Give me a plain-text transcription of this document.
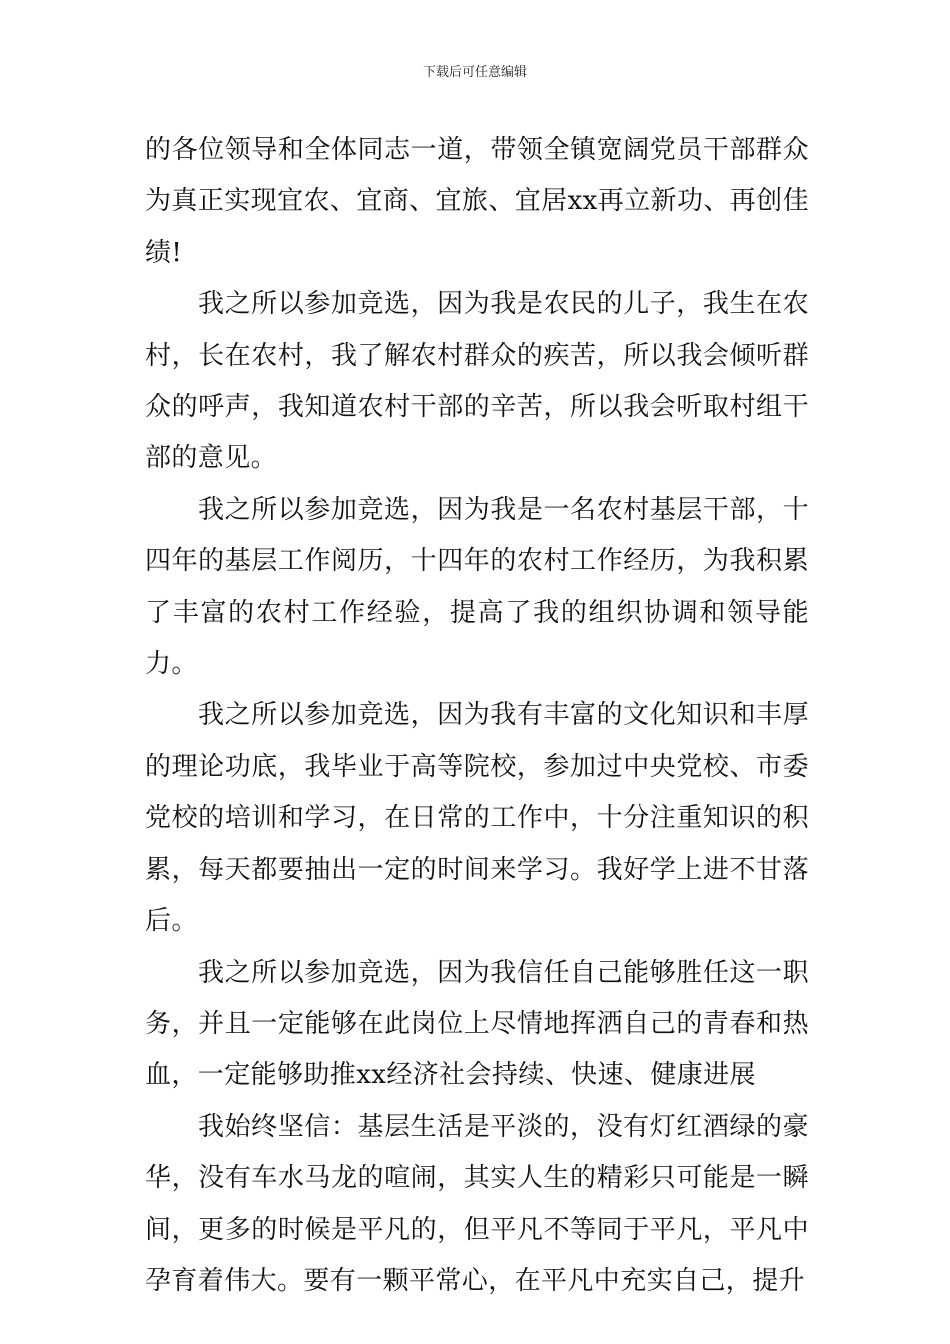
下载后可任意编辑

的各位领导和全体同志一道，带领全镇宽阔党员干部群众为真正实现宜农、宜商、宜旅、宜居xx再立新功、再创佳绩!

我之所以参加竞选，因为我是农民的儿子，我生在农村，长在农村，我了解农村群众的疾苦，所以我会倾听群众的呼声，我知道农村干部的辛苦，所以我会听取村组干部的意见。

我之所以参加竞选，因为我是一名农村基层干部，十四年的基层工作阅历，十四年的农村工作经历，为我积累了丰富的农村工作经验，提高了我的组织协调和领导能力。

我之所以参加竞选，因为我有丰富的文化知识和丰厚的理论功底，我毕业于高等院校，参加过中央党校、市委党校的培训和学习，在日常的工作中，十分注重知识的积累，每天都要抽出一定的时间来学习。我好学上进不甘落后。

我之所以参加竞选，因为我信任自己能够胜任这一职务，并且一定能够在此岗位上尽情地挥洒自己的青春和热血，一定能够助推xx经济社会持续、快速、健康进展

我始终坚信：基层生活是平淡的，没有灯红酒绿的豪华，没有车水马龙的喧闹，其实人生的精彩只可能是一瞬间，更多的时候是平凡的，但平凡不等同于平凡，平凡中孕育着伟大。要有一颗平常心，在平凡中充实自己，提升
